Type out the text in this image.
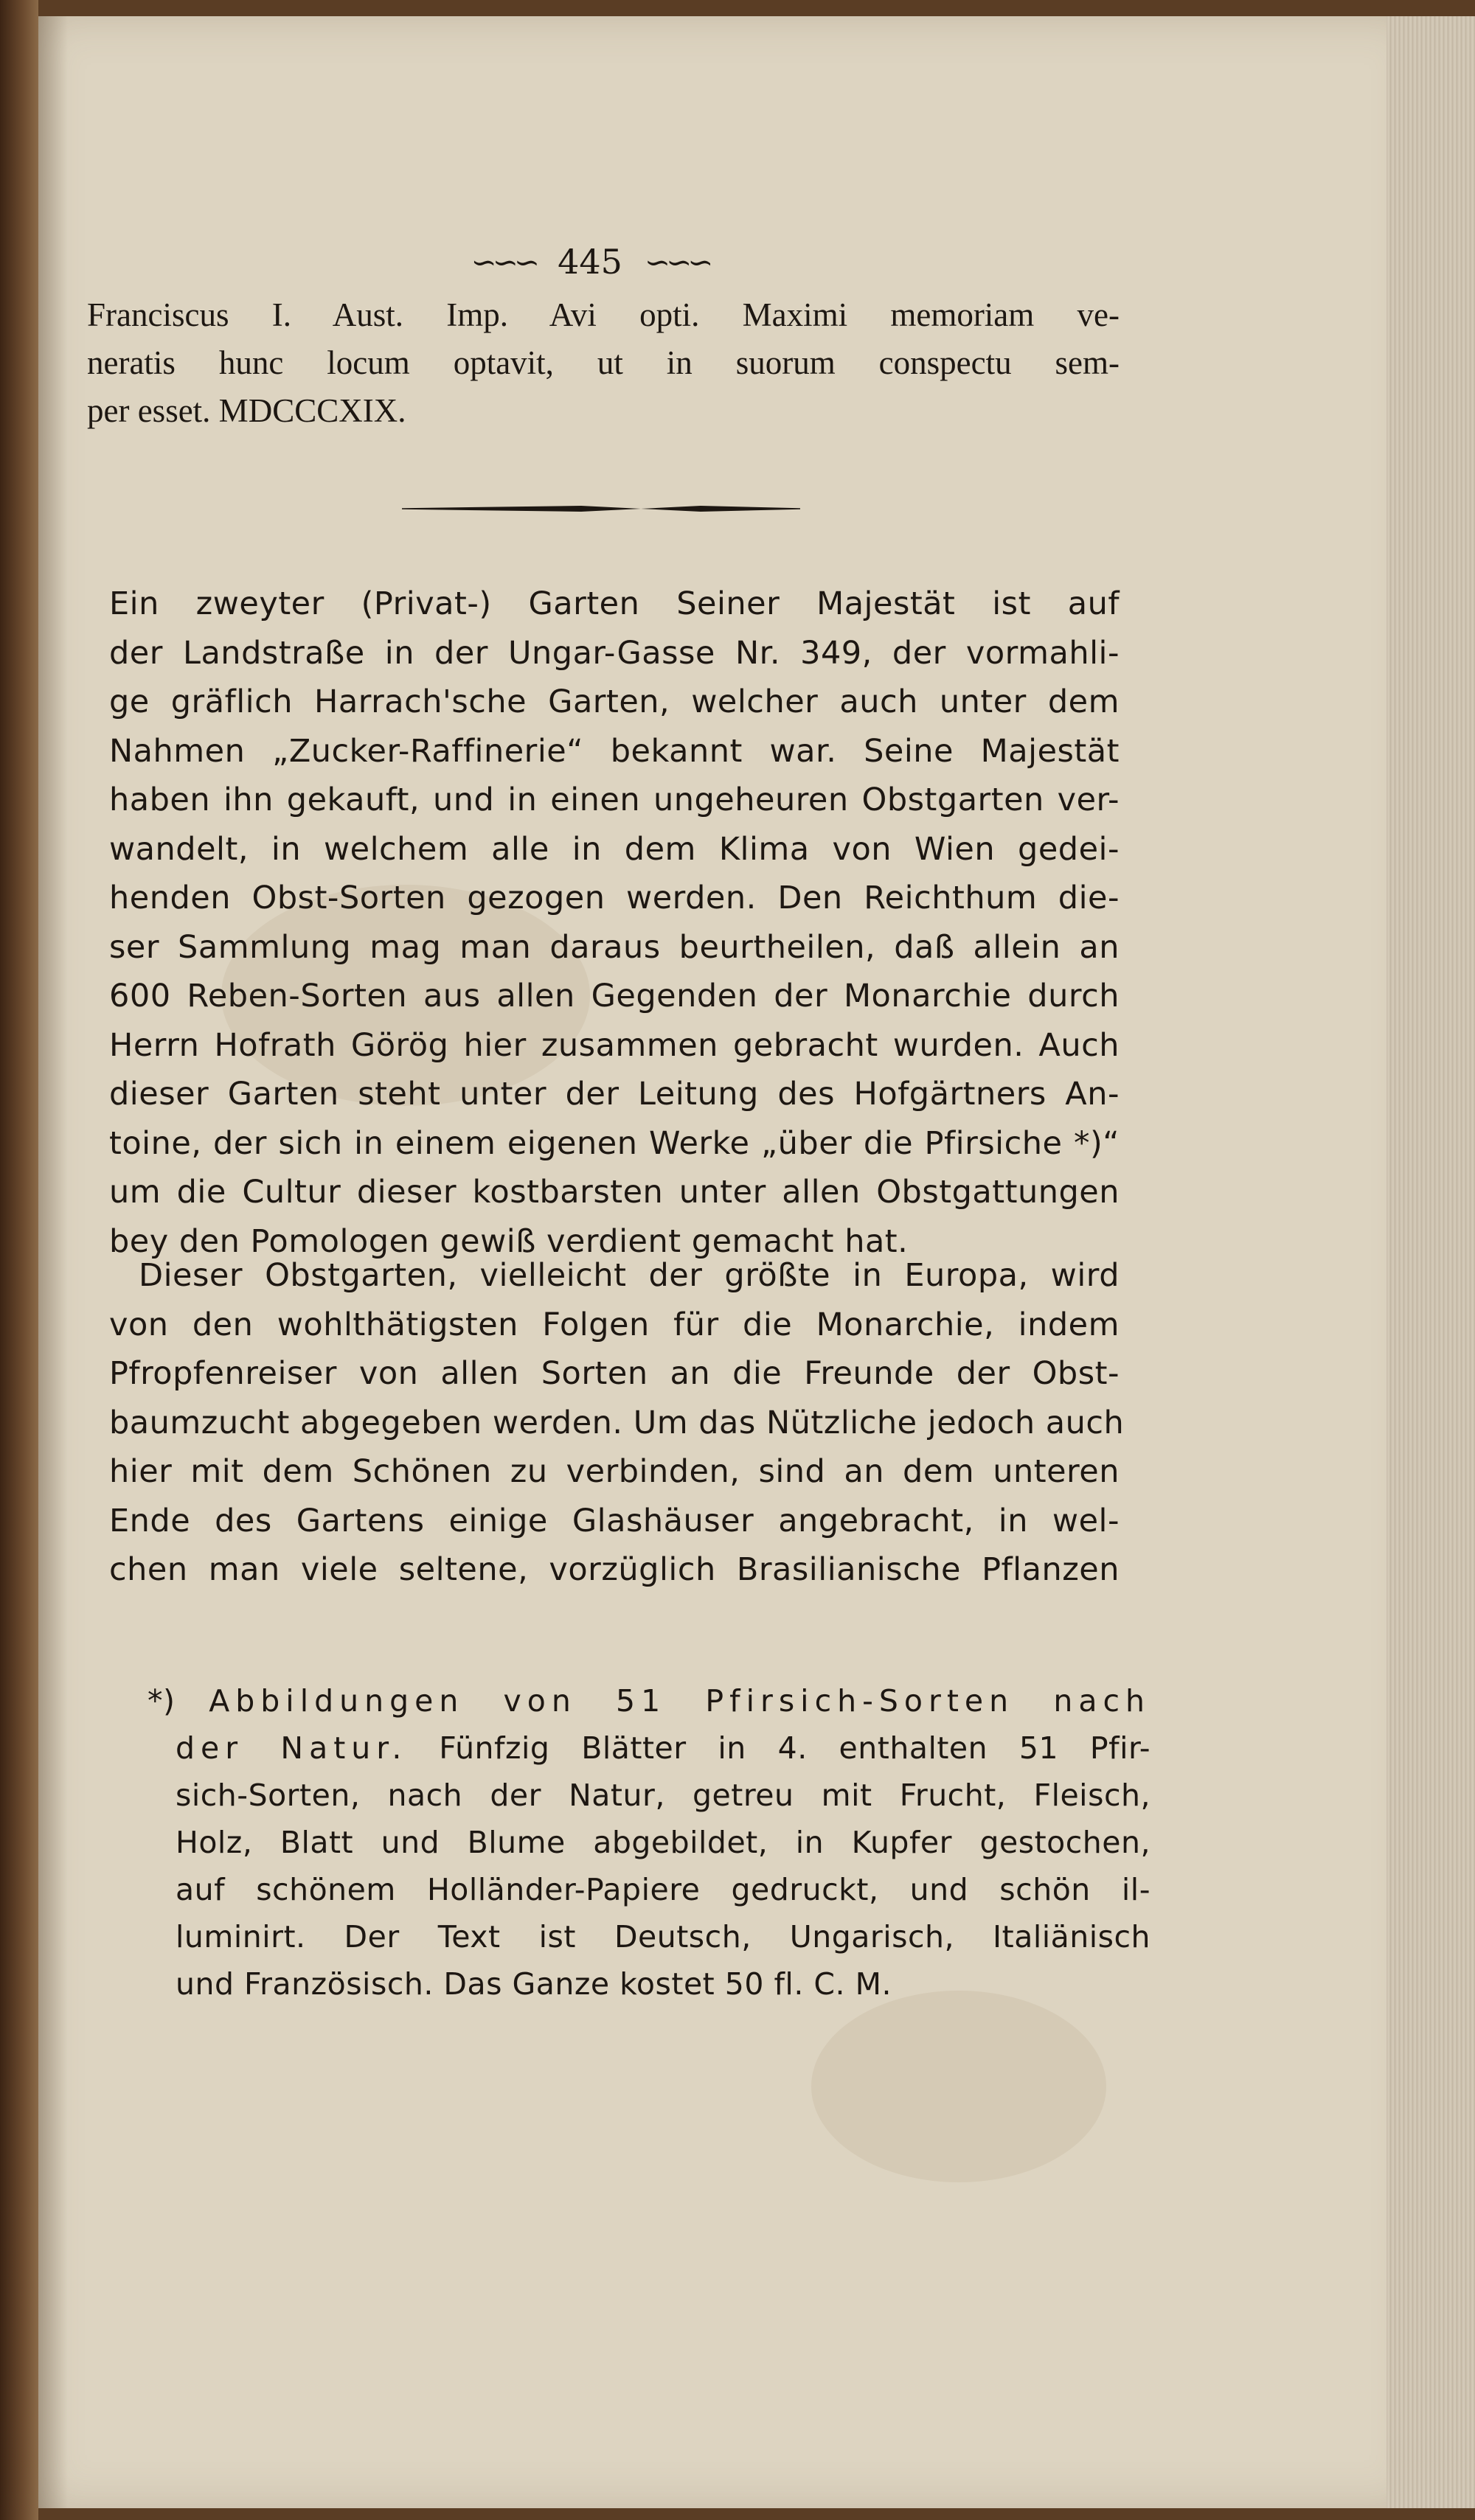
∽∽∽ 445 ∽∽∽
Franciscus I. Aust. Imp. Avi opti. Maximi memoriam ve-
neratis hunc locum optavit, ut in suorum conspectu sem-
per esset. MDCCCXIX.
Ein zweyter (Privat-) Garten Seiner Majestät ist auf
der Landstraße in der Ungar-Gasse Nr. 349, der vormahli-
ge gräflich Harrach'sche Garten, welcher auch unter dem
Nahmen „Zucker-Raffinerie“ bekannt war. Seine Majestät
haben ihn gekauft, und in einen ungeheuren Obstgarten ver-
wandelt, in welchem alle in dem Klima von Wien gedei-
henden Obst-Sorten gezogen werden. Den Reichthum die-
ser Sammlung mag man daraus beurtheilen, daß allein an
600 Reben-Sorten aus allen Gegenden der Monarchie durch
Herrn Hofrath Görög hier zusammen gebracht wurden. Auch
dieser Garten steht unter der Leitung des Hofgärtners An-
toine, der sich in einem eigenen Werke „über die Pfirsiche *)“
um die Cultur dieser kostbarsten unter allen Obstgattungen
bey den Pomologen gewiß verdient gemacht hat.
Dieser Obstgarten, vielleicht der größte in Europa, wird
von den wohlthätigsten Folgen für die Monarchie, indem
Pfropfenreiser von allen Sorten an die Freunde der Obst-
baumzucht abgegeben werden. Um das Nützliche jedoch auch
hier mit dem Schönen zu verbinden, sind an dem unteren
Ende des Gartens einige Glashäuser angebracht, in wel-
chen man viele seltene, vorzüglich Brasilianische Pflanzen
*) Abbildungen von 51 Pfirsich-Sorten nach
der Natur. Fünfzig Blätter in 4. enthalten 51 Pfir-
sich-Sorten, nach der Natur, getreu mit Frucht, Fleisch,
Holz, Blatt und Blume abgebildet, in Kupfer gestochen,
auf schönem Holländer-Papiere gedruckt, und schön il-
luminirt. Der Text ist Deutsch, Ungarisch, Italiänisch
und Französisch. Das Ganze kostet 50 fl. C. M.
